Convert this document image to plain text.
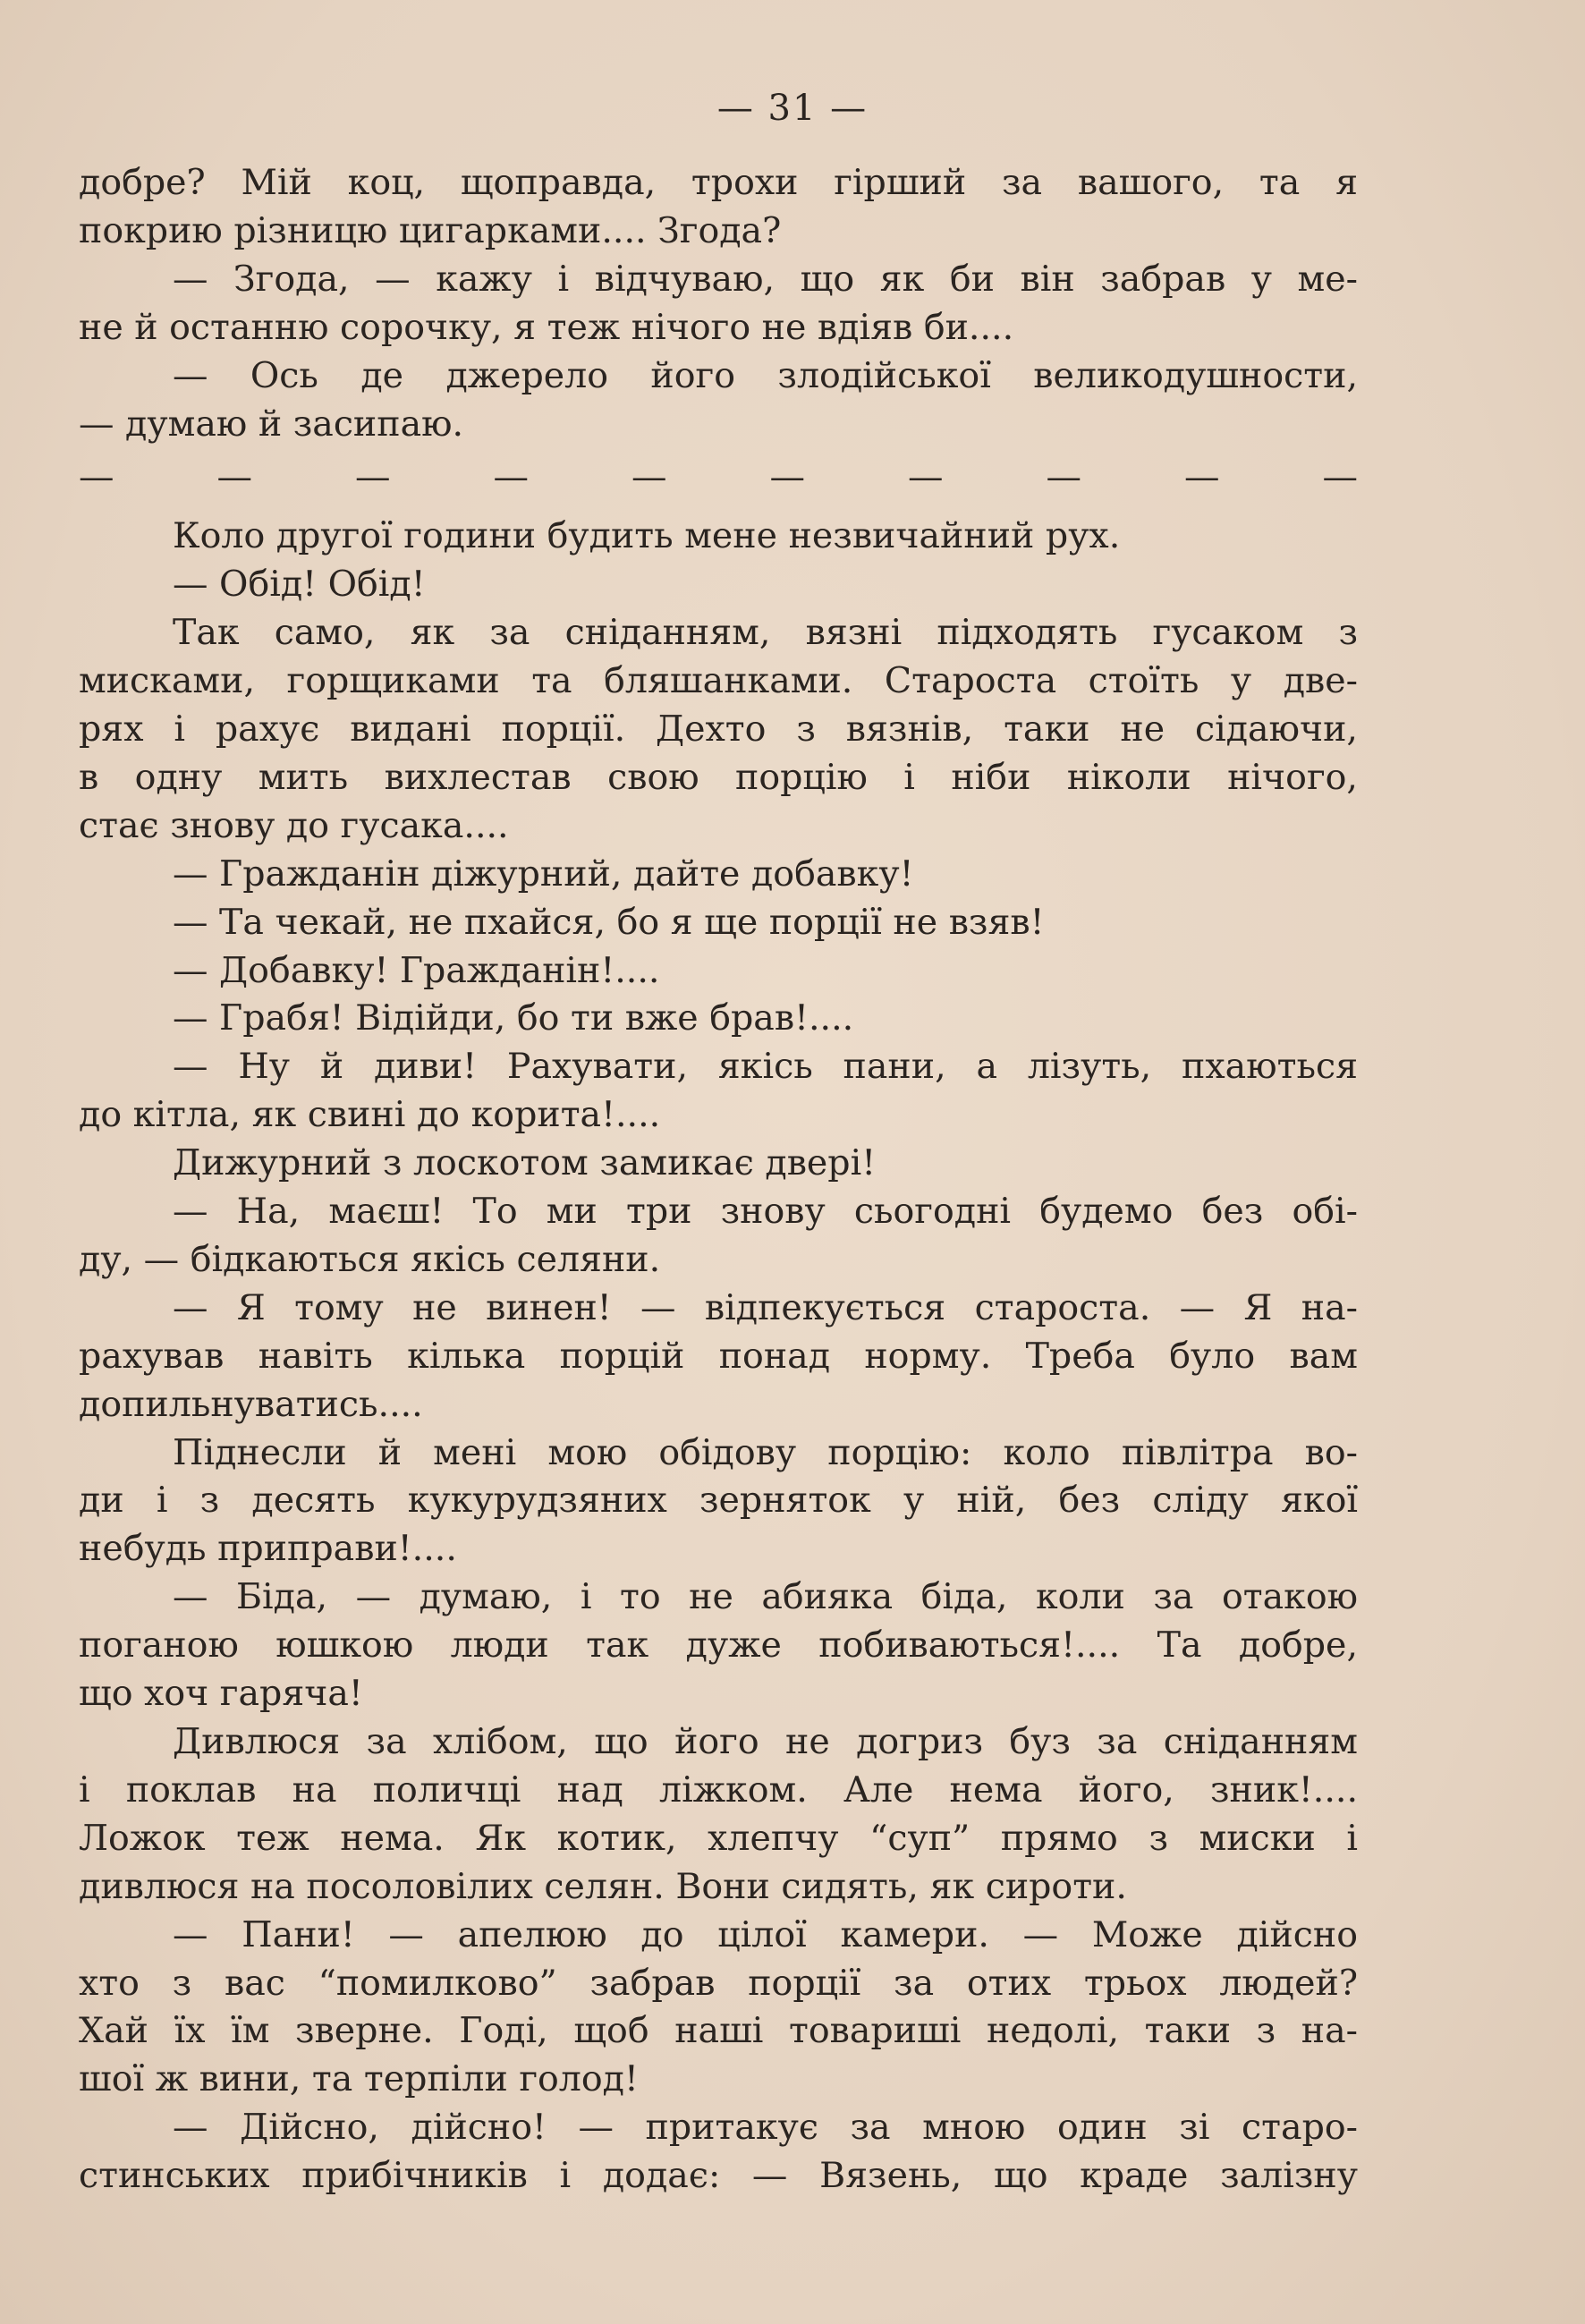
— 31 —

добре? Мій коц, щоправда, трохи гірший за вашого, та я

покрию різницю цигарками.... Згода?

— Згода, — кажу і відчуваю, що як би він забрав у ме-

не й останню сорочку, я теж нічого не вдіяв би....

— Ось де джерело його злодійської великодушности,

— думаю й засипаю.

—	—	—	—	—	—	—	—	—	—

Коло другої години будить мене незвичайний рух.

— Обід! Обід!

Так само, як за сніданням, вязні підходять гусаком з

мисками, горщиками та бляшанками. Староста стоїть у две-

рях і рахує видані порції. Дехто з вязнів, таки не сідаючи,

в одну мить вихлестав свою порцію і ніби ніколи нічого,

стає знову до гусака....

— Гражданін діжурний, дайте добавку!

— Та чекай, не пхайся, бо я ще порції не взяв!

— Добавку! Гражданін!....

— Грабя! Відійди, бо ти вже брав!....

— Ну й диви! Рахувати, якісь пани, а лізуть, пхаються

до кітла, як свині до корита!....

Дижурний з лоскотом замикає двері!

— На, маєш! То ми три знову сьогодні будемо без обі-

ду, — бідкаються якісь селяни.

— Я тому не винен! — відпекується староста. — Я на-

рахував навіть кілька порцій понад норму. Треба було вам

допильнуватись....

Піднесли й мені мою обідову порцію: коло півлітра во-

ди і з десять кукурудзяних зерняток у ній, без сліду якої

небудь приправи!....

— Біда, — думаю, і то не абияка біда, коли за отакою

поганою юшкою люди так дуже побиваються!.... Та добре,

що хоч гаряча!

Дивлюся за хлібом, що його не догриз буз за сніданням

і поклав на поличці над ліжком. Але нема його, зник!....

Ложок теж нема. Як котик, хлепчу “суп” прямо з миски і

дивлюся на посоловілих селян. Вони сидять, як сироти.

— Пани! — апелюю до цілої камери. — Може дійсно

хто з вас “помилково” забрав порції за отих трьох людей?

Хай їх їм зверне. Годі, щоб наші товариші недолі, таки з на-

шої ж вини, та терпіли голод!

— Дійсно, дійсно! — притакує за мною один зі старо-

стинських прибічників і додає: — Вязень, що краде залізну
